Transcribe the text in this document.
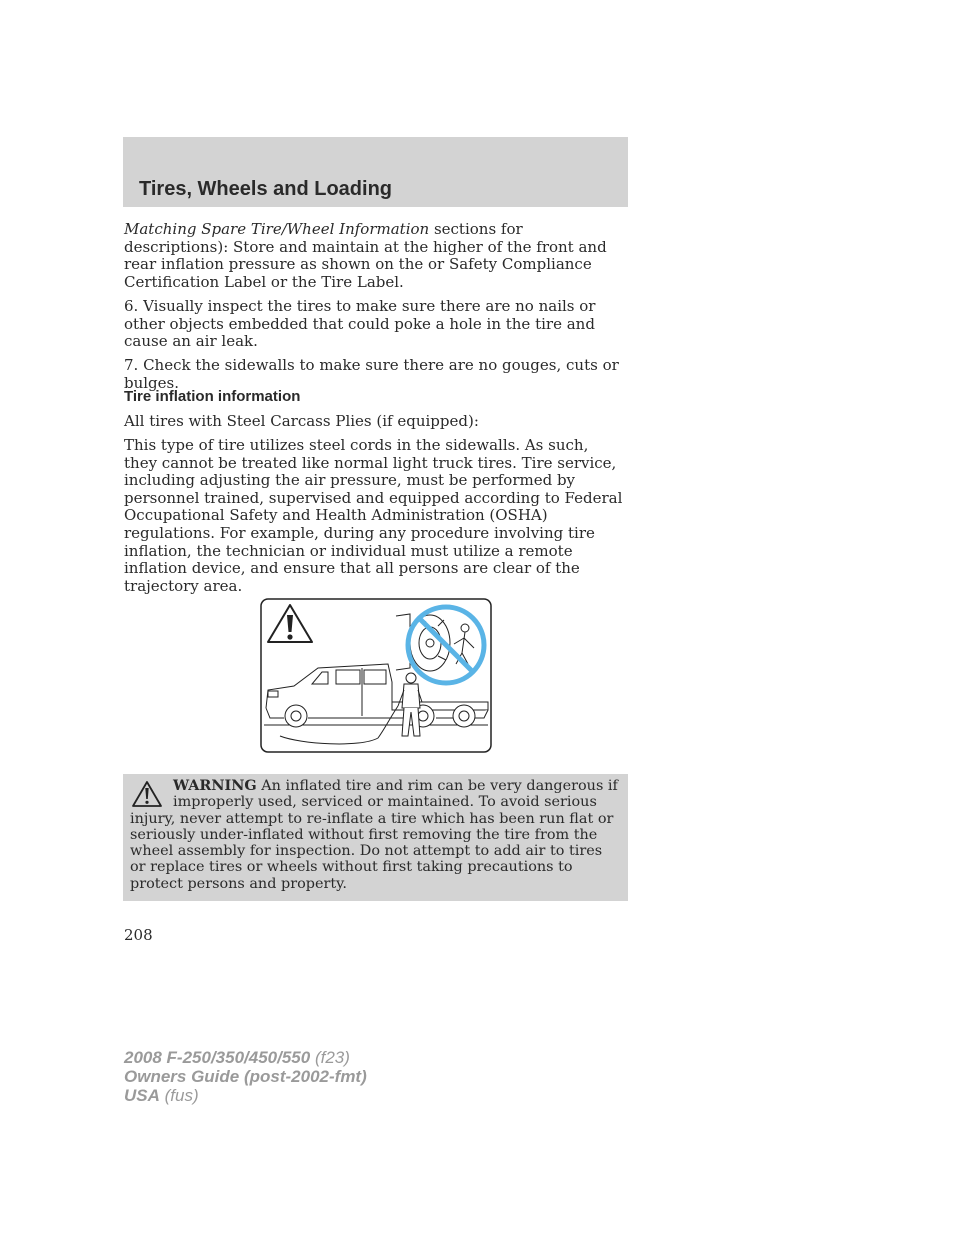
Tires, Wheels and Loading

Matching Spare Tire/Wheel Information sections for descriptions): Store and maintain at the higher of the front and rear inflation pressure as shown on the or Safety Compliance Certification Label or the Tire Label.

6. Visually inspect the tires to make sure there are no nails or other objects embedded that could poke a hole in the tire and cause an air leak.

7. Check the sidewalls to make sure there are no gouges, cuts or bulges.

Tire inflation information

All tires with Steel Carcass Plies (if equipped):

This type of tire utilizes steel cords in the sidewalls. As such, they cannot be treated like normal light truck tires. Tire service, including adjusting the air pressure, must be performed by personnel trained, supervised and equipped according to Federal Occupational Safety and Health Administration (OSHA) regulations. For example, during any procedure involving tire inflation, the technician or individual must utilize a remote inflation device, and ensure that all persons are clear of the trajectory area.

WARNING An inflated tire and rim can be very dangerous if improperly used, serviced or maintained. To avoid serious injury, never attempt to re-inflate a tire which has been run flat or seriously under-inflated without first removing the tire from the wheel assembly for inspection. Do not attempt to add air to tires or replace tires or wheels without first taking precautions to protect persons and property.
208
2008 F-250/350/450/550 (f23)
Owners Guide (post-2002-fmt)
USA (fus)
